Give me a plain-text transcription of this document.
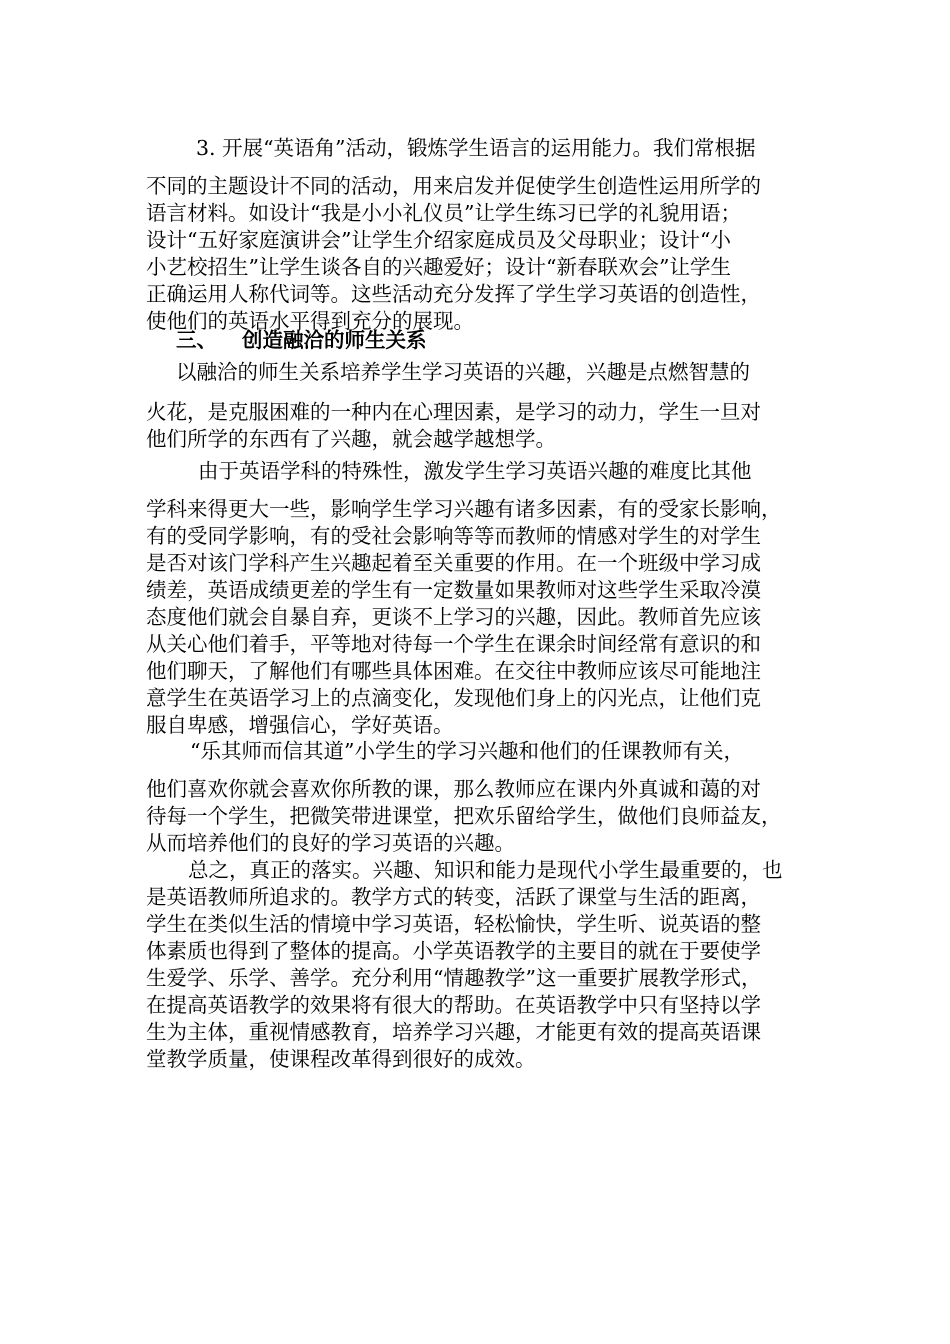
3. 开展“英语角”活动，锻炼学生语言的运用能力。我们常根据
不同的主题设计不同的活动，用来启发并促使学生创造性运用所学的
语言材料。如设计“我是小小礼仪员”让学生练习已学的礼貌用语；
设计“五好家庭演讲会”让学生介绍家庭成员及父母职业；设计“小
小艺校招生”让学生谈各自的兴趣爱好；设计“新春联欢会”让学生
正确运用人称代词等。这些活动充分发挥了学生学习英语的创造性，
使他们的英语水平得到充分的展现。
三、 创造融洽的师生关系
以融洽的师生关系培养学生学习英语的兴趣，兴趣是点燃智慧的
火花，是克服困难的一种内在心理因素，是学习的动力，学生一旦对
他们所学的东西有了兴趣，就会越学越想学。
由于英语学科的特殊性，激发学生学习英语兴趣的难度比其他
学科来得更大一些，影响学生学习兴趣有诸多因素，有的受家长影响，
有的受同学影响，有的受社会影响等等而教师的情感对学生的对学生
是否对该门学科产生兴趣起着至关重要的作用。在一个班级中学习成
绩差，英语成绩更差的学生有一定数量如果教师对这些学生采取冷漠
态度他们就会自暴自弃，更谈不上学习的兴趣，因此。教师首先应该
从关心他们着手，平等地对待每一个学生在课余时间经常有意识的和
他们聊天，了解他们有哪些具体困难。在交往中教师应该尽可能地注
意学生在英语学习上的点滴变化，发现他们身上的闪光点，让他们克
服自卑感，增强信心，学好英语。
“乐其师而信其道”小学生的学习兴趣和他们的任课教师有关，
他们喜欢你就会喜欢你所教的课，那么教师应在课内外真诚和蔼的对
待每一个学生，把微笑带进课堂，把欢乐留给学生，做他们良师益友，
从而培养他们的良好的学习英语的兴趣。
总之，真正的落实。兴趣、知识和能力是现代小学生最重要的，也
是英语教师所追求的。教学方式的转变，活跃了课堂与生活的距离，
学生在类似生活的情境中学习英语，轻松愉快，学生听、说英语的整
体素质也得到了整体的提高。小学英语教学的主要目的就在于要使学
生爱学、乐学、善学。充分利用“情趣教学”这一重要扩展教学形式，
在提高英语教学的效果将有很大的帮助。在英语教学中只有坚持以学
生为主体，重视情感教育，培养学习兴趣，才能更有效的提高英语课
堂教学质量，使课程改革得到很好的成效。
